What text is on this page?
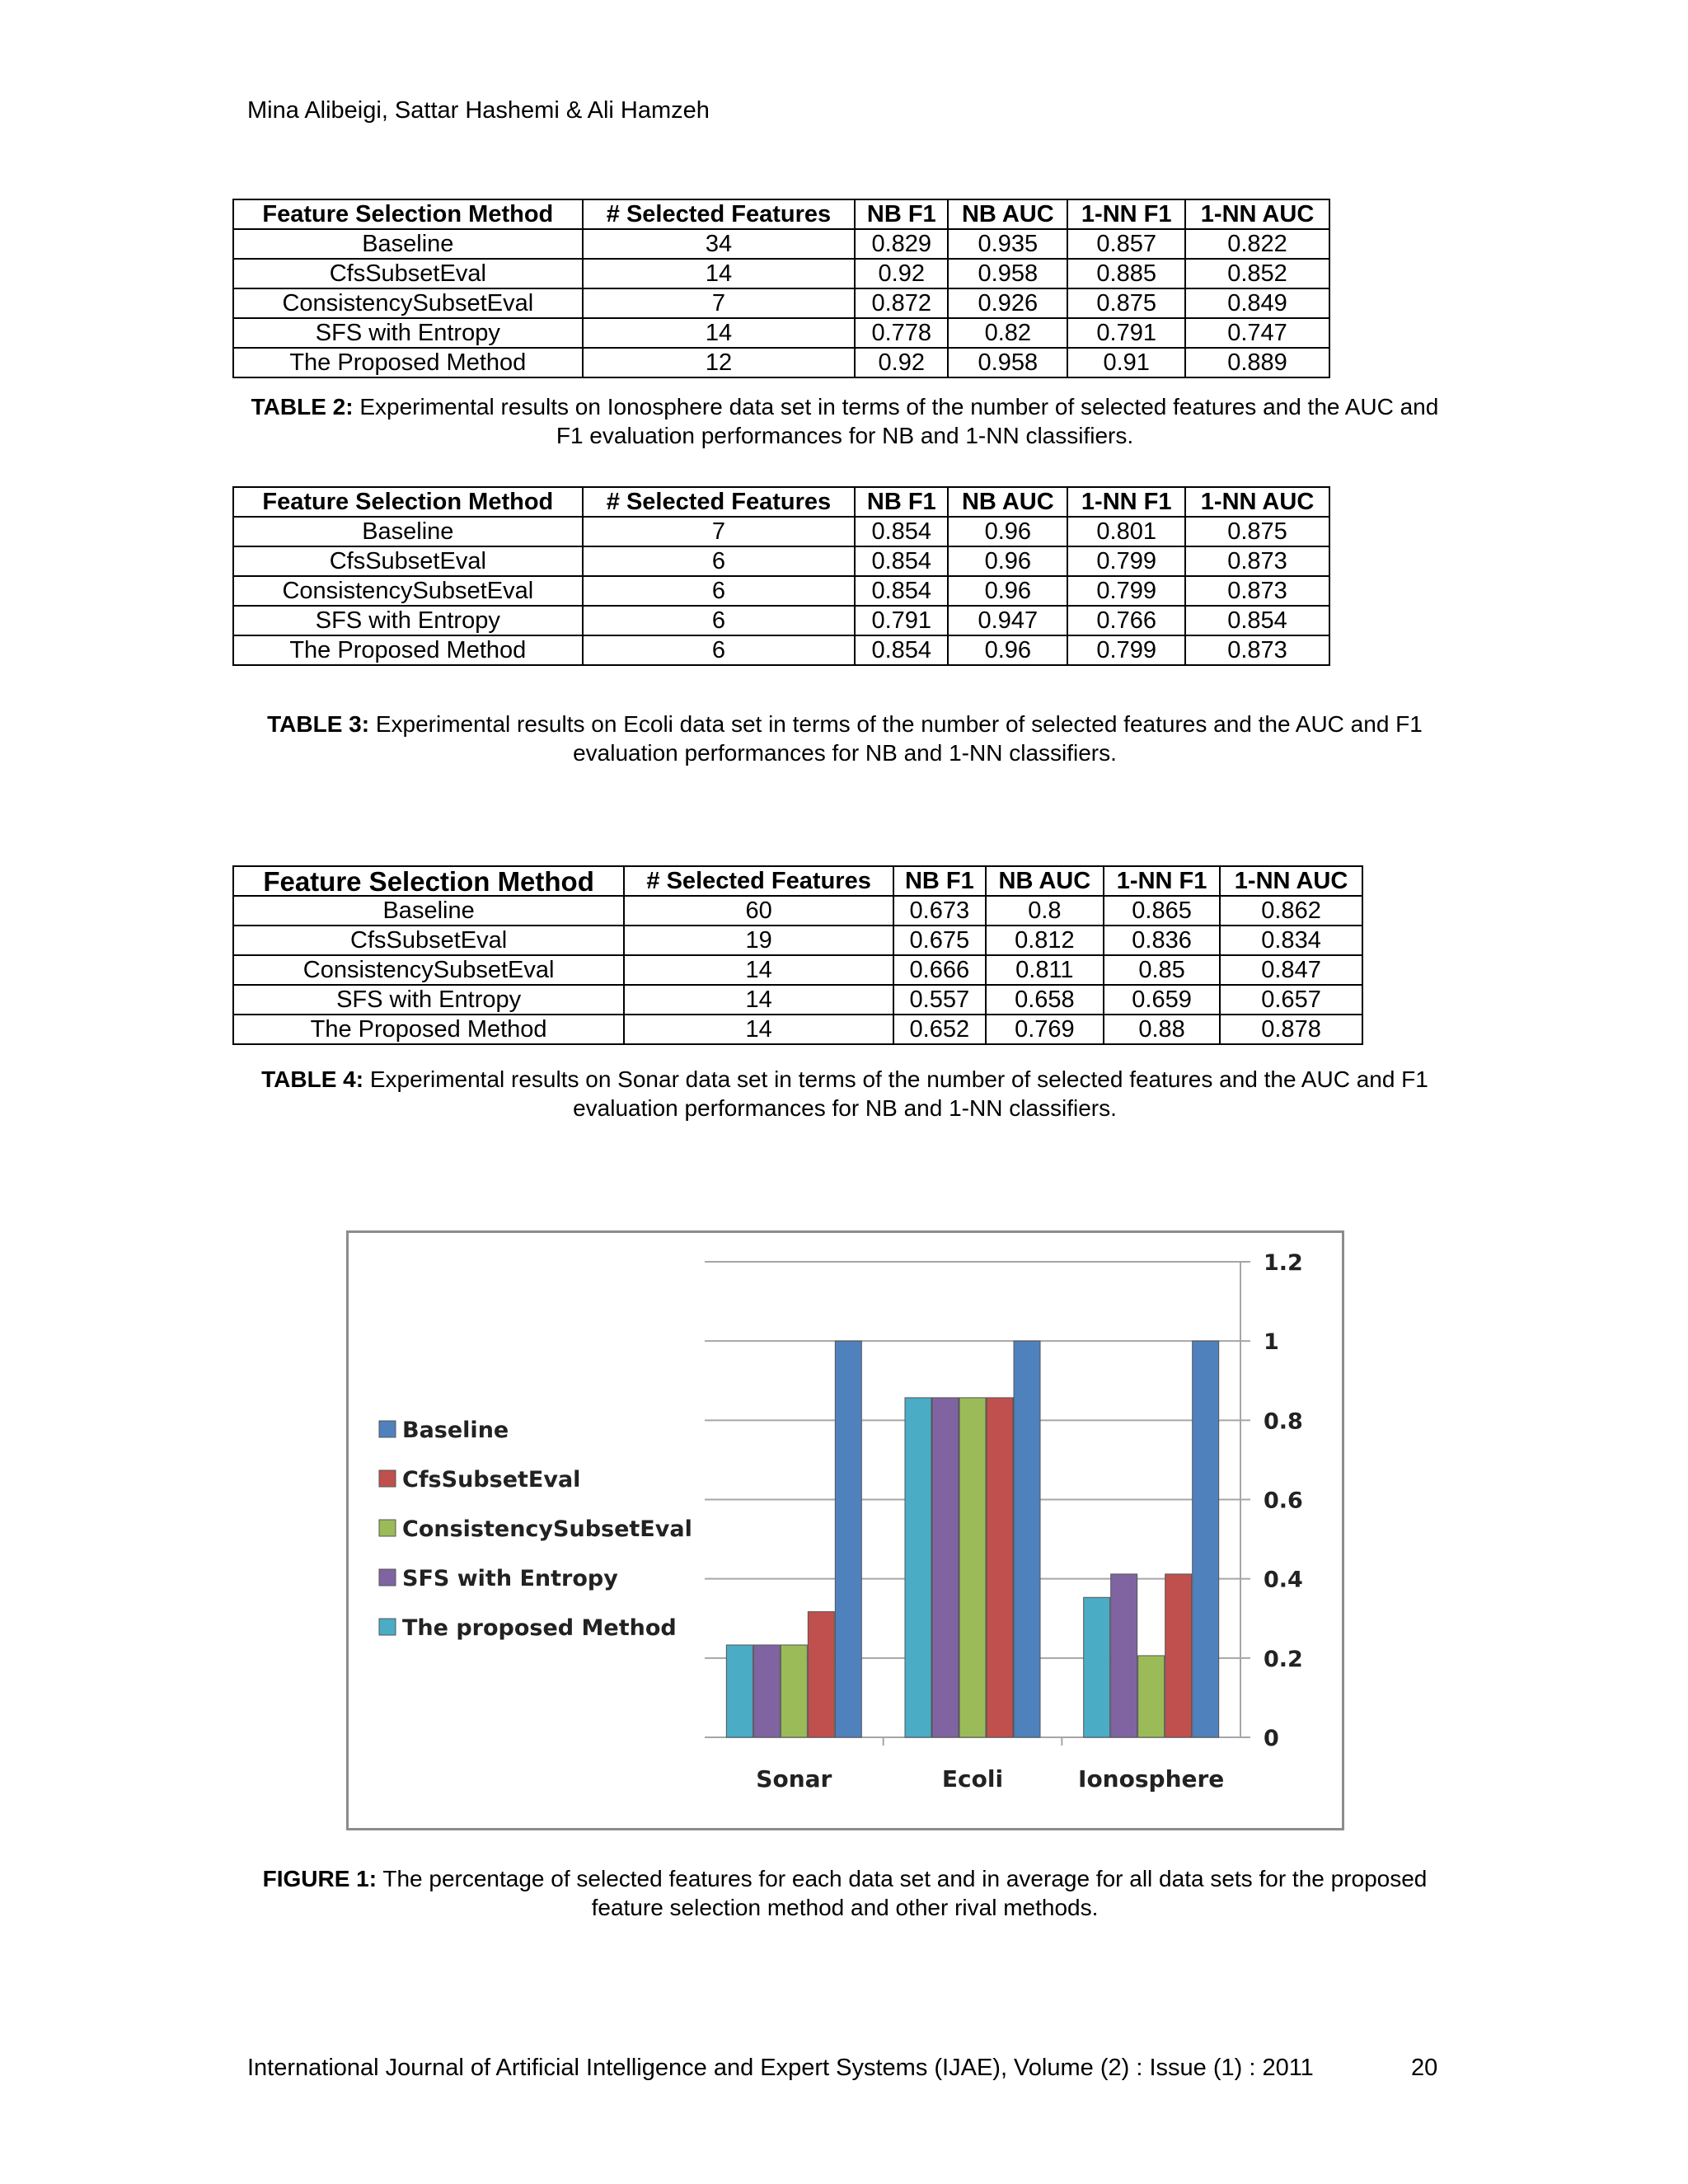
Mina Alibeigi, Sattar Hashemi & Ali Hamzeh
Feature Selection Method	# Selected Features	NB F1	NB AUC	1-NN F1	1-NN AUC
Baseline	34	0.829	0.935	0.857	0.822
CfsSubsetEval	14	0.92	0.958	0.885	0.852
ConsistencySubsetEval	7	0.872	0.926	0.875	0.849
SFS with Entropy	14	0.778	0.82	0.791	0.747
The Proposed Method	12	0.92	0.958	0.91	0.889
TABLE 2: Experimental results on Ionosphere data set in terms of the number of selected features and the AUC and F1 evaluation performances for NB and 1-NN classifiers.
Feature Selection Method	# Selected Features	NB F1	NB AUC	1-NN F1	1-NN AUC
Baseline	7	0.854	0.96	0.801	0.875
CfsSubsetEval	6	0.854	0.96	0.799	0.873
ConsistencySubsetEval	6	0.854	0.96	0.799	0.873
SFS with Entropy	6	0.791	0.947	0.766	0.854
The Proposed Method	6	0.854	0.96	0.799	0.873
TABLE 3: Experimental results on Ecoli data set in terms of the number of selected features and the AUC and F1 evaluation performances for NB and 1-NN classifiers.
Feature Selection Method	# Selected Features	NB F1	NB AUC	1-NN F1	1-NN AUC
Baseline	60	0.673	0.8	0.865	0.862
CfsSubsetEval	19	0.675	0.812	0.836	0.834
ConsistencySubsetEval	14	0.666	0.811	0.85	0.847
SFS with Entropy	14	0.557	0.658	0.659	0.657
The Proposed Method	14	0.652	0.769	0.88	0.878
TABLE 4: Experimental results on Sonar data set in terms of the number of selected features and the AUC and F1 evaluation performances for NB and 1-NN classifiers.
0
0.2
0.4
0.6
0.8
1
1.2
Sonar	Ecoli	Ionosphere
Baseline
CfsSubsetEval
ConsistencySubsetEval
SFS with Entropy
The proposed Method
FIGURE 1: The percentage of selected features for each data set and in average for all data sets for the proposed feature selection method and other rival methods.
International Journal of Artificial Intelligence and Expert Systems (IJAE), Volume (2) : Issue (1) : 2011	20
